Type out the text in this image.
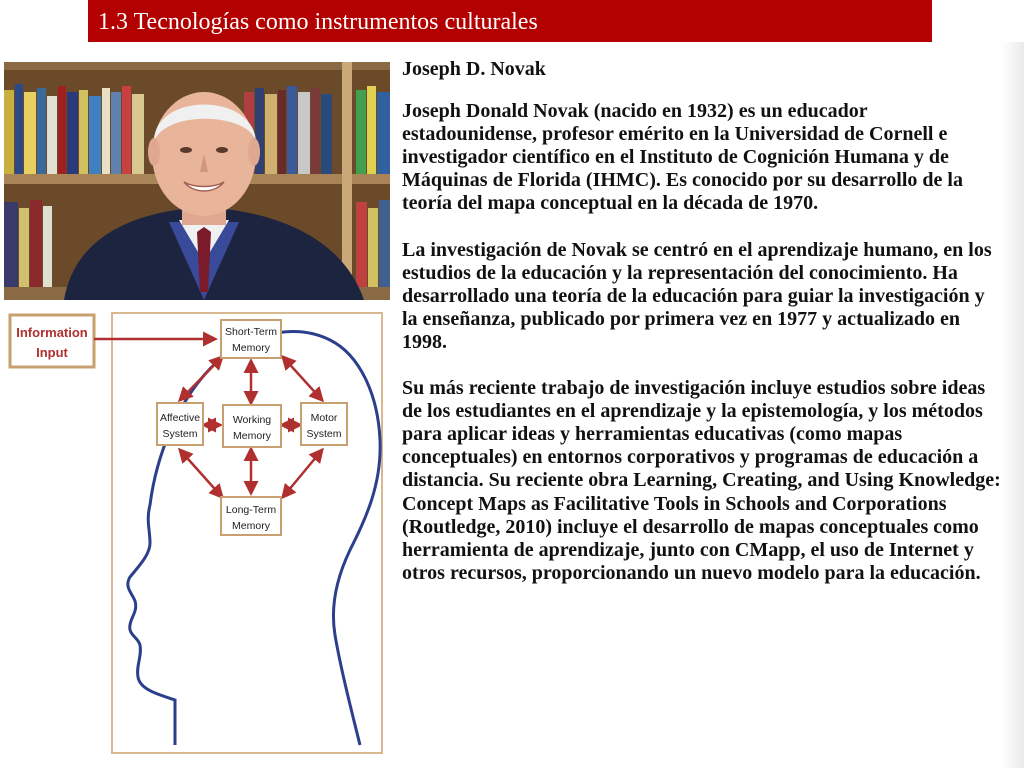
1.3 Tecnologías como instrumentos culturales
Information
Input
Short-Term
Memory
Affective
System
Working
Memory
Motor
System
Long-Term
Memory

Joseph D. Novak

Joseph Donald Novak (nacido en 1932) es un educador estadounidense, profesor emérito en la Universidad de Cornell e investigador científico en el Instituto de Cognición Humana y de Máquinas de Florida (IHMC). Es conocido por su desarrollo de la teoría del mapa conceptual en la década de 1970.

La investigación de Novak se centró en el aprendizaje humano, en los estudios de la educación y la representación del conocimiento. Ha desarrollado una teoría de la educación para guiar la investigación y la enseñanza, publicado por primera vez en 1977 y actualizado en 1998.

Su más reciente trabajo de investigación incluye estudios sobre ideas de los estudiantes en el aprendizaje y la epistemología, y los métodos para aplicar ideas y herramientas educativas (como mapas conceptuales) en entornos corporativos y programas de educación a distancia. Su reciente obra Learning, Creating, and Using Knowledge: Concept Maps as Facilitative Tools in Schools and Corporations (Routledge, 2010) incluye el desarrollo de mapas conceptuales como herramienta de aprendizaje, junto con CMapp, el uso de Internet y otros recursos, proporcionando un nuevo modelo para la educación.
